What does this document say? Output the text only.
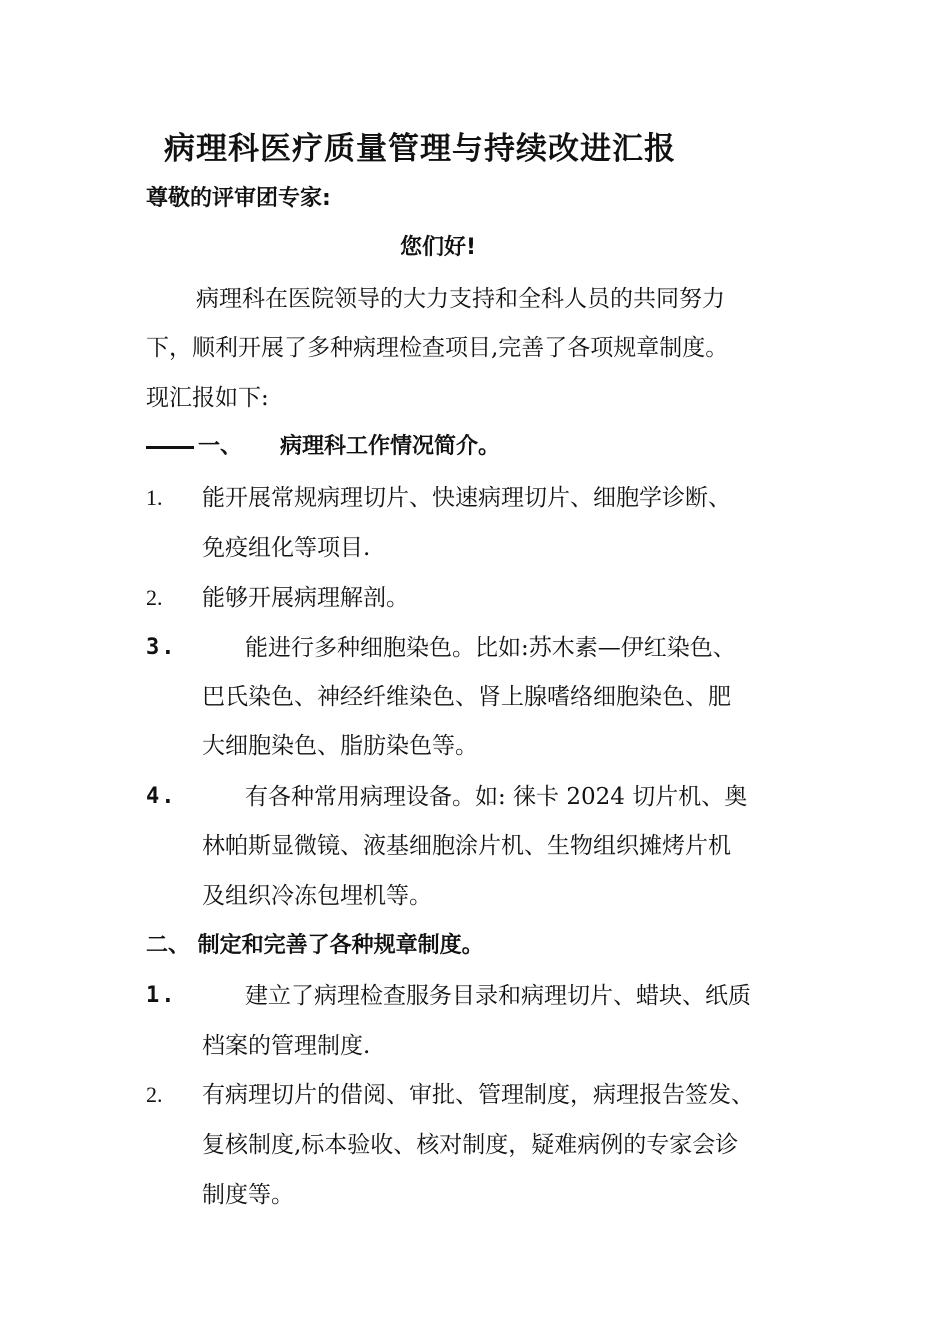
病理科医疗质量管理与持续改进汇报
尊敬的评审团专家:
您们好!
病理科在医院领导的大力支持和全科人员的共同努力
下，顺利开展了多种病理检查项目,完善了各项规章制度。
现汇报如下:
一、 病理科工作情况简介。
1. 能开展常规病理切片、快速病理切片、细胞学诊断、
免疫组化等项目.
2. 能够开展病理解剖。
3.	能进行多种细胞染色。比如:苏木素—伊红染色、
巴氏染色、神经纤维染色、肾上腺嗜络细胞染色、肥
大细胞染色、脂肪染色等。
4.	有各种常用病理设备。如: 徕卡 2024 切片机、奥
林帕斯显微镜、液基细胞涂片机、生物组织摊烤片机
及组织冷冻包埋机等。
二、 制定和完善了各种规章制度。
1.	建立了病理检查服务目录和病理切片、蜡块、纸质
档案的管理制度.
2. 有病理切片的借阅、审批、管理制度，病理报告签发、
复核制度,标本验收、核对制度，疑难病例的专家会诊
制度等。
